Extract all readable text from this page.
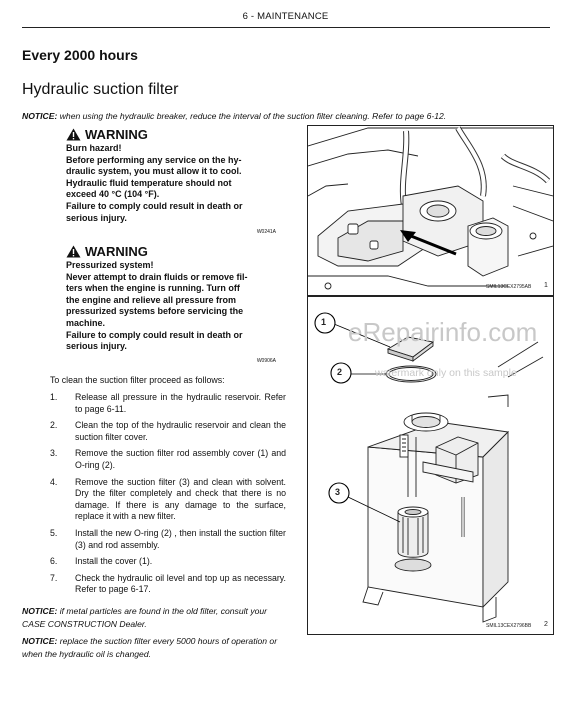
6 - MAINTENANCE
Every 2000 hours
Hydraulic suction filter
NOTICE: when using the hydraulic breaker, reduce the interval of the suction filter cleaning. Refer to page 6-12.
WARNING
Burn hazard!
Before performing any service on the hy-
draulic system, you must allow it to cool.
Hydraulic fluid temperature should not
exceed 40 °C (104 °F).
Failure to comply could result in death or
serious injury.
W0241A
WARNING
Pressurized system!
Never attempt to drain fluids or remove fil-
ters when the engine is running. Turn off
the engine and relieve all pressure from
pressurized systems before servicing the
machine.
Failure to comply could result in death or
serious injury.
W0906A
To clean the suction filter proceed as follows:
1.	Release all pressure in the hydraulic reservoir. Refer to page 6-11.
2.	Clean the top of the hydraulic reservoir and clean the suction filter cover.
3.	Remove the suction filter rod assembly cover (1) and O-ring (2).
4.	Remove the suction filter (3) and clean with solvent. Dry the filter completely and check that there is no damage. If there is any damage to the surface, replace it with a new filter.
5.	Install the new O-ring (2) , then install the suction filter (3) and rod assembly.
6.	Install the cover (1).
7.	Check the hydraulic oil level and top up as necessary. Refer to page 6-17.
NOTICE: if metal particles are found in the old filter, consult your CASE CONSTRUCTION Dealer.
NOTICE: replace the suction filter every 5000 hours of operation or when the hydraulic oil is changed.
SMIL13CEX2795AB 1
1
2
3
SMIL13CEX2796BB 2
eRepairinfo.com
watermark only on this sample
